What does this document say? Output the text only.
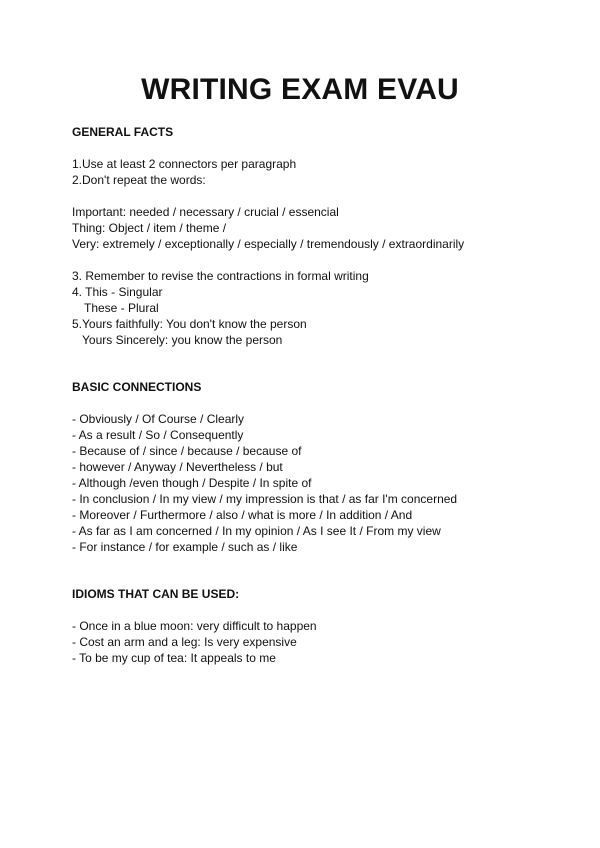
WRITING EXAM EVAU

GENERAL FACTS

1.Use at least 2 connectors per paragraph

2.Don't repeat the words:

Important: needed / necessary / crucial / essencial

Thing: Object / item / theme /

Very: extremely / exceptionally / especially / tremendously / extraordinarily

3. Remember to revise the contractions in formal writing

4. This - Singular

These - Plural

5.Yours faithfully: You don't know the person

Yours Sincerely: you know the person

BASIC CONNECTIONS

- Obviously / Of Course / Clearly

- As a result / So / Consequently

- Because of / since / because / because of

- however / Anyway / Nevertheless / but

- Although /even though / Despite / In spite of

- In conclusion / In my view / my impression is that / as far I'm concerned

- Moreover / Furthermore / also / what is more / In addition / And

- As far as I am concerned / In my opinion / As I see It / From my view

- For instance / for example / such as / like

IDIOMS THAT CAN BE USED:

- Once in a blue moon: very difficult to happen

- Cost an arm and a leg: Is very expensive

- To be my cup of tea: It appeals to me
